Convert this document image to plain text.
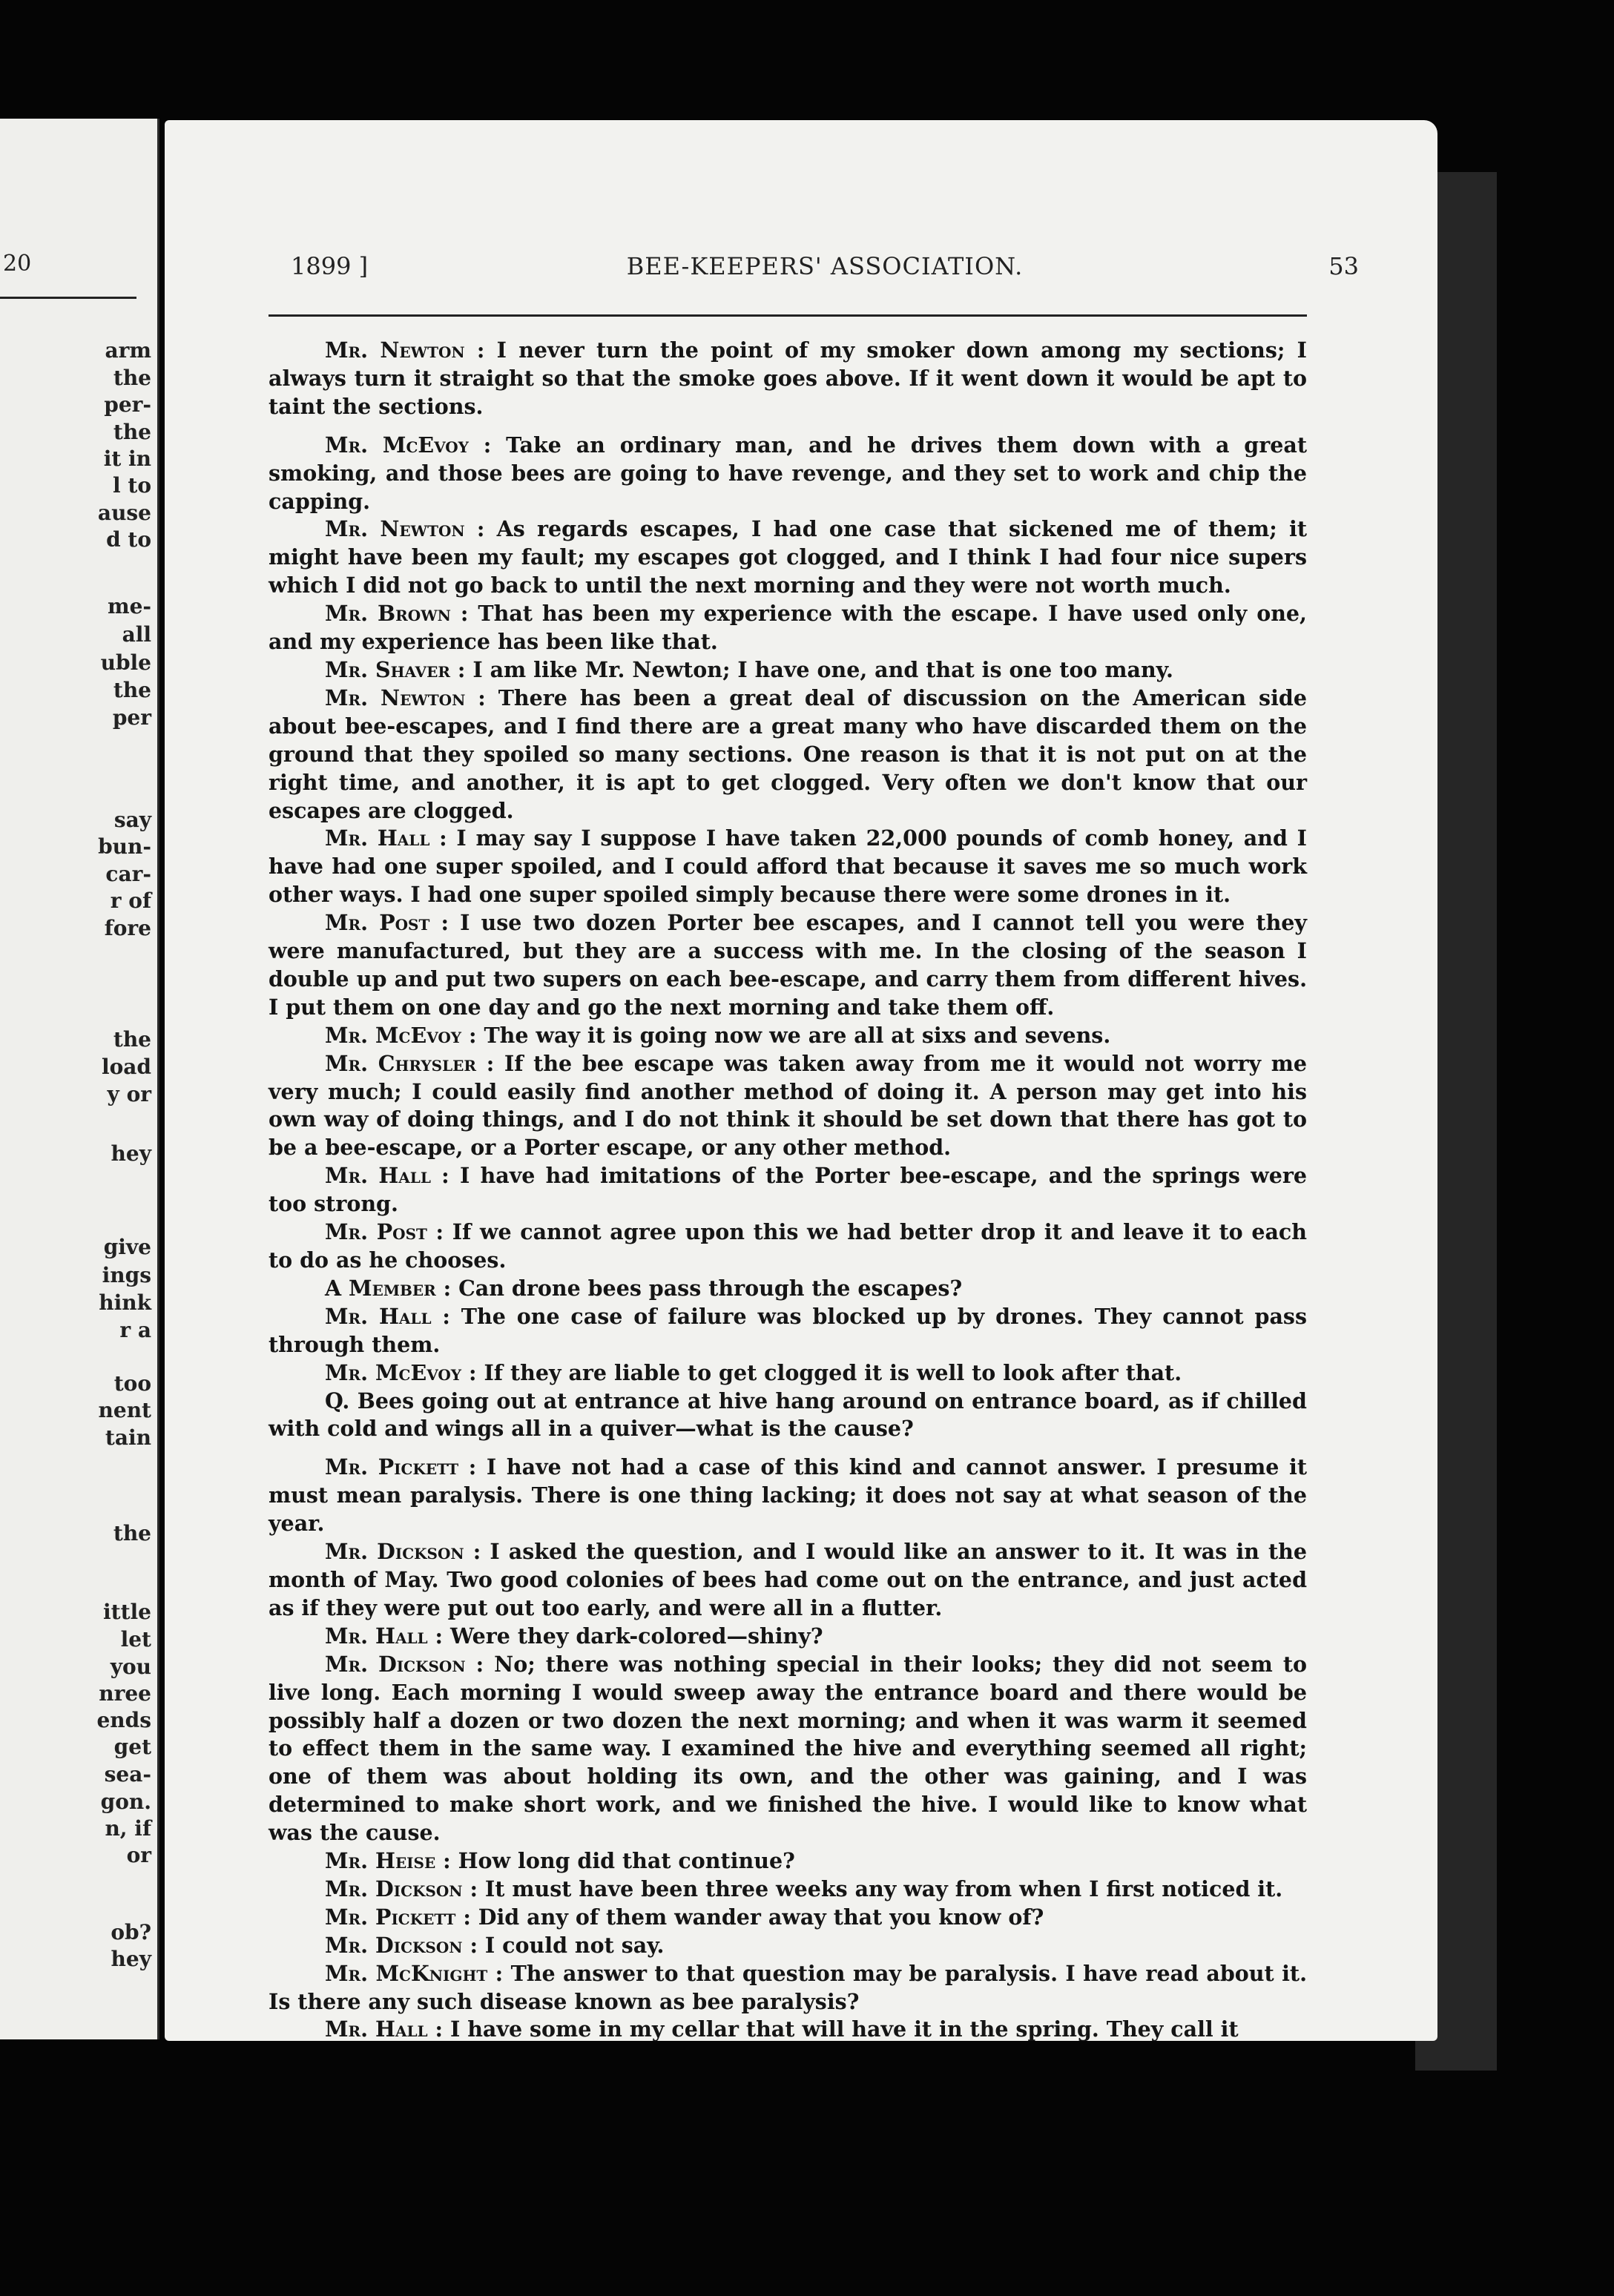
20
arm
the
per-
the
it in
l to
ause
d to
me-
all
uble
the
per
say
bun-
car-
r of
fore
the
load
y or
hey
give
ings
hink
r a
too
nent
tain
the
ittle
let
you
nree
ends
get
sea-
gon.
n, if
or
ob?
hey
1899 ]	BEE-KEEPERS' ASSOCIATION.	53

Mr. Newton : I never turn the point of my smoker down among my sections; I always turn it straight so that the smoke goes above. If it went down it would be apt to taint the sections.

Mr. McEvoy : Take an ordinary man, and he drives them down with a great smoking, and those bees are going to have revenge, and they set to work and chip the capping.

Mr. Newton : As regards escapes, I had one case that sickened me of them; it might have been my fault; my escapes got clogged, and I think I had four nice supers which I did not go back to until the next morning and they were not worth much.

Mr. Brown : That has been my experience with the escape. I have used only one, and my experience has been like that.

Mr. Shaver : I am like Mr. Newton; I have one, and that is one too many.

Mr. Newton : There has been a great deal of discussion on the American side about bee-escapes, and I find there are a great many who have discarded them on the ground that they spoiled so many sections. One reason is that it is not put on at the right time, and another, it is apt to get clogged. Very often we don't know that our escapes are clogged.

Mr. Hall : I may say I suppose I have taken 22,000 pounds of comb honey, and I have had one super spoiled, and I could afford that because it saves me so much work other ways. I had one super spoiled simply because there were some drones in it.

Mr. Post : I use two dozen Porter bee escapes, and I cannot tell you were they were manufactured, but they are a success with me. In the closing of the season I double up and put two supers on each bee-escape, and carry them from different hives. I put them on one day and go the next morning and take them off.

Mr. McEvoy : The way it is going now we are all at sixs and sevens.

Mr. Chrysler : If the bee escape was taken away from me it would not worry me very much; I could easily find another method of doing it. A person may get into his own way of doing things, and I do not think it should be set down that there has got to be a bee-escape, or a Porter escape, or any other method.

Mr. Hall : I have had imitations of the Porter bee-escape, and the springs were too strong.

Mr. Post : If we cannot agree upon this we had better drop it and leave it to each to do as he chooses.

A Member : Can drone bees pass through the escapes?

Mr. Hall : The one case of failure was blocked up by drones. They cannot pass through them.

Mr. McEvoy : If they are liable to get clogged it is well to look after that.

Q. Bees going out at entrance at hive hang around on entrance board, as if chilled with cold and wings all in a quiver—what is the cause?

Mr. Pickett : I have not had a case of this kind and cannot answer. I presume it must mean paralysis. There is one thing lacking; it does not say at what season of the year.

Mr. Dickson : I asked the question, and I would like an answer to it. It was in the month of May. Two good colonies of bees had come out on the entrance, and just acted as if they were put out too early, and were all in a flutter.

Mr. Hall : Were they dark-colored—shiny?

Mr. Dickson : No; there was nothing special in their looks; they did not seem to live long. Each morning I would sweep away the entrance board and there would be possibly half a dozen or two dozen the next morning; and when it was warm it seemed to effect them in the same way. I examined the hive and everything seemed all right; one of them was about holding its own, and the other was gaining, and I was determined to make short work, and we finished the hive. I would like to know what was the cause.

Mr. Heise : How long did that continue?

Mr. Dickson : It must have been three weeks any way from when I first noticed it.

Mr. Pickett : Did any of them wander away that you know of?

Mr. Dickson : I could not say.

Mr. McKnight : The answer to that question may be paralysis. I have read about it. Is there any such disease known as bee paralysis?

Mr. Hall : I have some in my cellar that will have it in the spring. They call it
